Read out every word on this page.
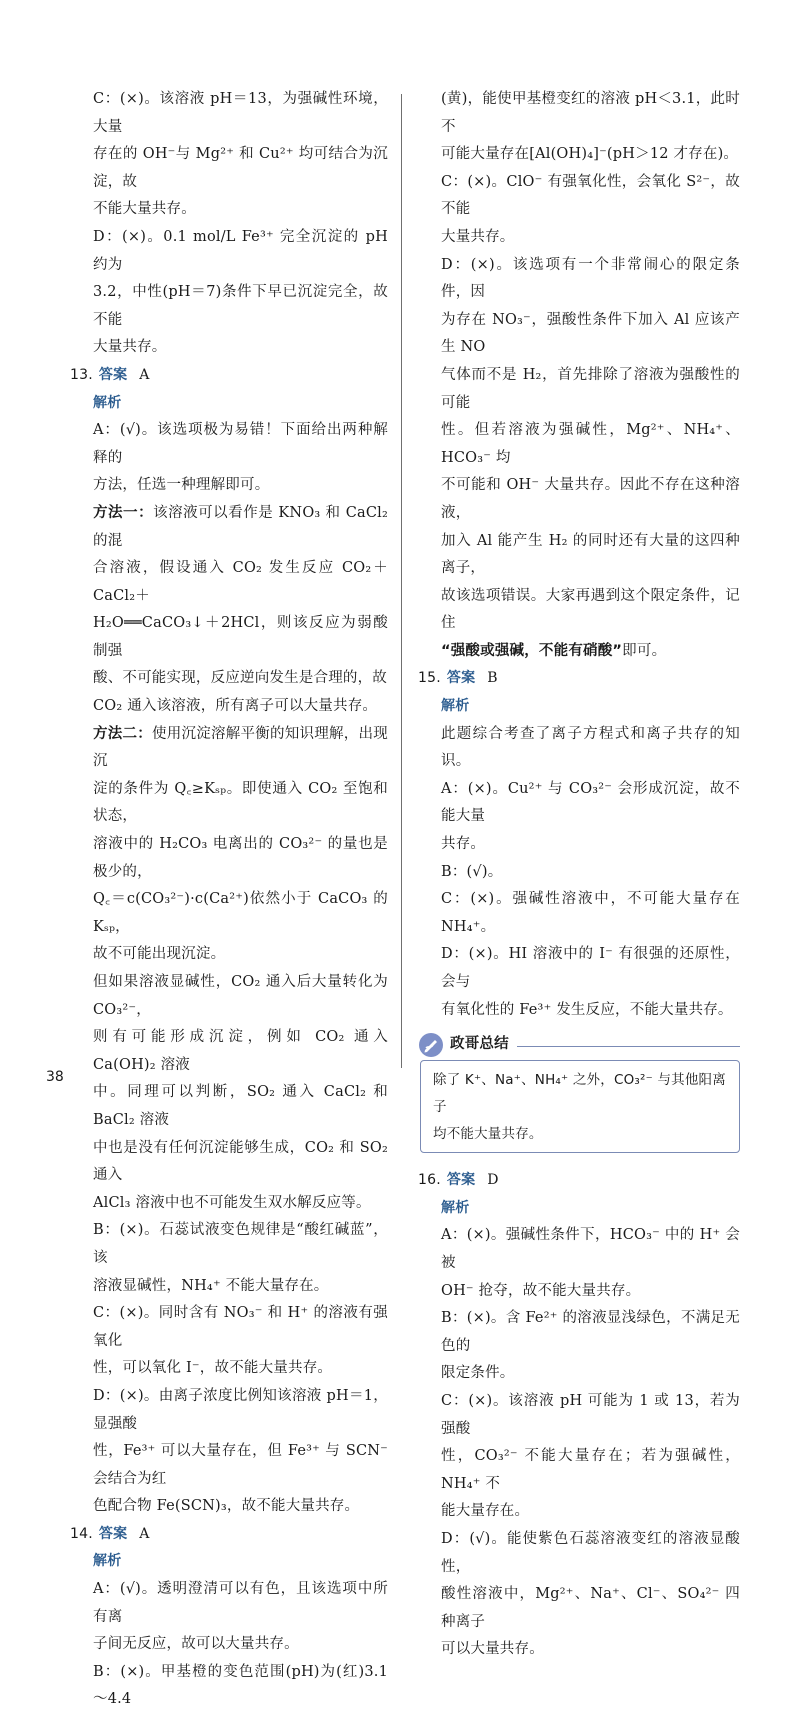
C：(×)。该溶液 pH＝13，为强碱性环境，大量

存在的 OH⁻与 Mg²⁺ 和 Cu²⁺ 均可结合为沉淀，故

不能大量共存。

D：(×)。0.1 mol/L Fe³⁺ 完全沉淀的 pH 约为

3.2，中性(pH＝7)条件下早已沉淀完全，故不能

大量共存。

13. 答案 A

解析

A：(√)。该选项极为易错！下面给出两种解释的

方法，任选一种理解即可。

方法一：该溶液可以看作是 KNO₃ 和 CaCl₂ 的混

合溶液，假设通入 CO₂ 发生反应 CO₂＋CaCl₂＋

H₂O══CaCO₃↓＋2HCl，则该反应为弱酸制强

酸、不可能实现，反应逆向发生是合理的，故

CO₂ 通入该溶液，所有离子可以大量共存。

方法二：使用沉淀溶解平衡的知识理解，出现沉

淀的条件为 Q꜀≥Kₛₚ。即使通入 CO₂ 至饱和状态，

溶液中的 H₂CO₃ 电离出的 CO₃²⁻ 的量也是极少的，

Q꜀＝c(CO₃²⁻)·c(Ca²⁺)依然小于 CaCO₃ 的 Kₛₚ，

故不可能出现沉淀。

但如果溶液显碱性，CO₂ 通入后大量转化为 CO₃²⁻，

则有可能形成沉淀，例如 CO₂ 通入 Ca(OH)₂ 溶液

中。同理可以判断，SO₂ 通入 CaCl₂ 和 BaCl₂ 溶液

中也是没有任何沉淀能够生成，CO₂ 和 SO₂ 通入

AlCl₃ 溶液中也不可能发生双水解反应等。

B：(×)。石蕊试液变色规律是“酸红碱蓝”，该

溶液显碱性，NH₄⁺ 不能大量存在。

C：(×)。同时含有 NO₃⁻ 和 H⁺ 的溶液有强氧化

性，可以氧化 I⁻，故不能大量共存。

D：(×)。由离子浓度比例知该溶液 pH＝1，显强酸

性，Fe³⁺ 可以大量存在，但 Fe³⁺ 与 SCN⁻ 会结合为红

色配合物 Fe(SCN)₃，故不能大量共存。

14. 答案 A

解析

A：(√)。透明澄清可以有色，且该选项中所有离

子间无反应，故可以大量共存。

B：(×)。甲基橙的变色范围(pH)为(红)3.1～4.4

(黄)，能使甲基橙变红的溶液 pH＜3.1，此时不

可能大量存在[Al(OH)₄]⁻(pH＞12 才存在)。

C：(×)。ClO⁻ 有强氧化性，会氧化 S²⁻，故不能

大量共存。

D：(×)。该选项有一个非常闹心的限定条件，因

为存在 NO₃⁻，强酸性条件下加入 Al 应该产生 NO

气体而不是 H₂，首先排除了溶液为强酸性的可能

性。但若溶液为强碱性，Mg²⁺、NH₄⁺、HCO₃⁻ 均

不可能和 OH⁻ 大量共存。因此不存在这种溶液，

加入 Al 能产生 H₂ 的同时还有大量的这四种离子，

故该选项错误。大家再遇到这个限定条件，记住

“强酸或强碱，不能有硝酸”即可。

15. 答案 B

解析

此题综合考查了离子方程式和离子共存的知识。

A：(×)。Cu²⁺ 与 CO₃²⁻ 会形成沉淀，故不能大量

共存。

B：(√)。

C：(×)。强碱性溶液中，不可能大量存在 NH₄⁺。

D：(×)。HI 溶液中的 I⁻ 有很强的还原性，会与

有氧化性的 Fe³⁺ 发生反应，不能大量共存。

政哥总结
除了 K⁺、Na⁺、NH₄⁺ 之外，CO₃²⁻ 与其他阳离子
均不能大量共存。

16. 答案 D

解析

A：(×)。强碱性条件下，HCO₃⁻ 中的 H⁺ 会被

OH⁻ 抢夺，故不能大量共存。

B：(×)。含 Fe²⁺ 的溶液显浅绿色，不满足无色的

限定条件。

C：(×)。该溶液 pH 可能为 1 或 13，若为强酸

性，CO₃²⁻ 不能大量存在；若为强碱性，NH₄⁺ 不

能大量存在。

D：(√)。能使紫色石蕊溶液变红的溶液显酸性，

酸性溶液中，Mg²⁺、Na⁺、Cl⁻、SO₄²⁻ 四种离子

可以大量共存。

38
